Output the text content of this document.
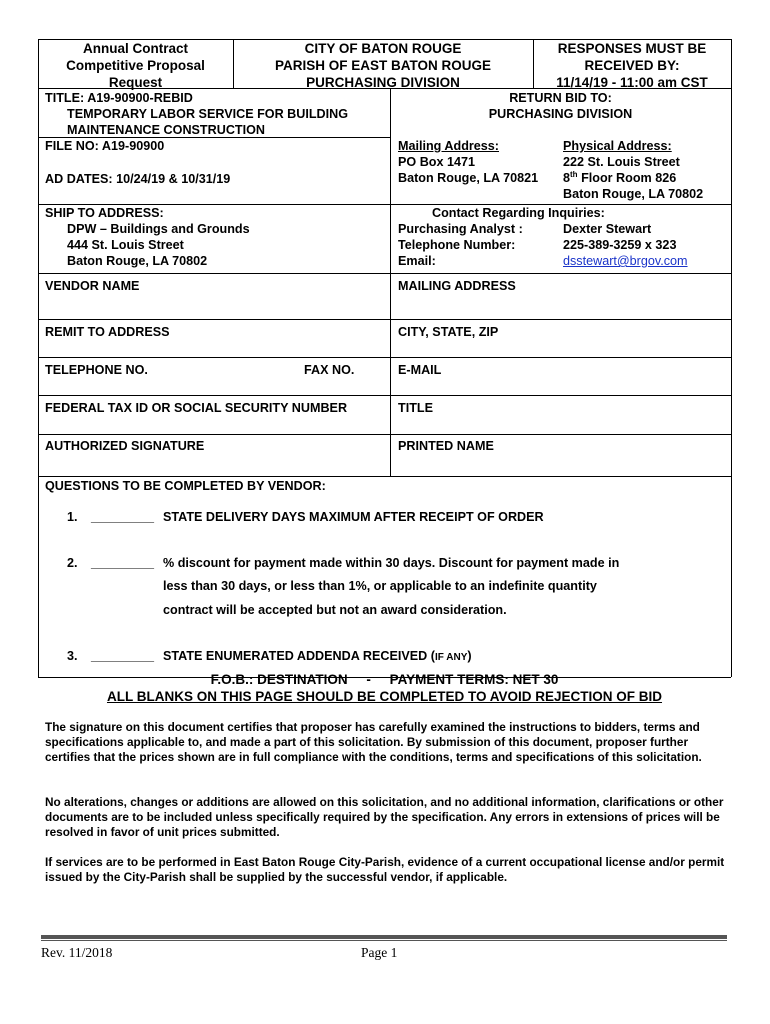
Annual Contract
Competitive Proposal
Request
CITY OF BATON ROUGE
PARISH OF EAST BATON ROUGE
PURCHASING DIVISION
RESPONSES MUST BE
RECEIVED BY:
11/14/19 - 11:00 am CST
TITLE: A19-90900-REBID
TEMPORARY LABOR SERVICE FOR BUILDING
MAINTENANCE CONSTRUCTION
FILE NO: A19-90900
AD DATES: 10/24/19 & 10/31/19
RETURN BID TO:
PURCHASING DIVISION
Mailing Address:
PO Box 1471
Baton Rouge, LA 70821
Physical Address:
222 St. Louis Street
8th Floor Room 826
Baton Rouge, LA 70802
SHIP TO ADDRESS:
DPW – Buildings and Grounds
444 St. Louis Street
Baton Rouge, LA 70802
Contact Regarding Inquiries:
Purchasing Analyst :	Dexter Stewart
Telephone Number:	225-389-3259 x 323
Email:	dsstewart@brgov.com
VENDOR NAME	MAILING ADDRESS
REMIT TO ADDRESS	CITY, STATE, ZIP
TELEPHONE NO.	FAX NO.	E-MAIL
FEDERAL TAX ID OR SOCIAL SECURITY NUMBER	TITLE
AUTHORIZED SIGNATURE	PRINTED NAME
QUESTIONS TO BE COMPLETED BY VENDOR:
1. _________ STATE DELIVERY DAYS MAXIMUM AFTER RECEIPT OF ORDER
2. _________ % discount for payment made within 30 days. Discount for payment made in
less than 30 days, or less than 1%, or applicable to an indefinite quantity
contract will be accepted but not an award consideration.
3. _________ STATE ENUMERATED ADDENDA RECEIVED (IF ANY)
F.O.B.: DESTINATION     -     PAYMENT TERMS: NET 30
ALL BLANKS ON THIS PAGE SHOULD BE COMPLETED TO AVOID REJECTION OF BID
The signature on this document certifies that proposer has carefully examined the instructions to bidders, terms and specifications applicable to, and made a part of this solicitation. By submission of this document, proposer further certifies that the prices shown are in full compliance with the conditions, terms and specifications of this solicitation.
No alterations, changes or additions are allowed on this solicitation, and no additional information, clarifications or other documents are to be included unless specifically required by the specification. Any errors in extensions of prices will be resolved in favor of unit prices submitted.
If services are to be performed in East Baton Rouge City-Parish, evidence of a current occupational license and/or permit issued by the City-Parish shall be supplied by the successful vendor, if applicable.
Rev. 11/2018	Page 1
